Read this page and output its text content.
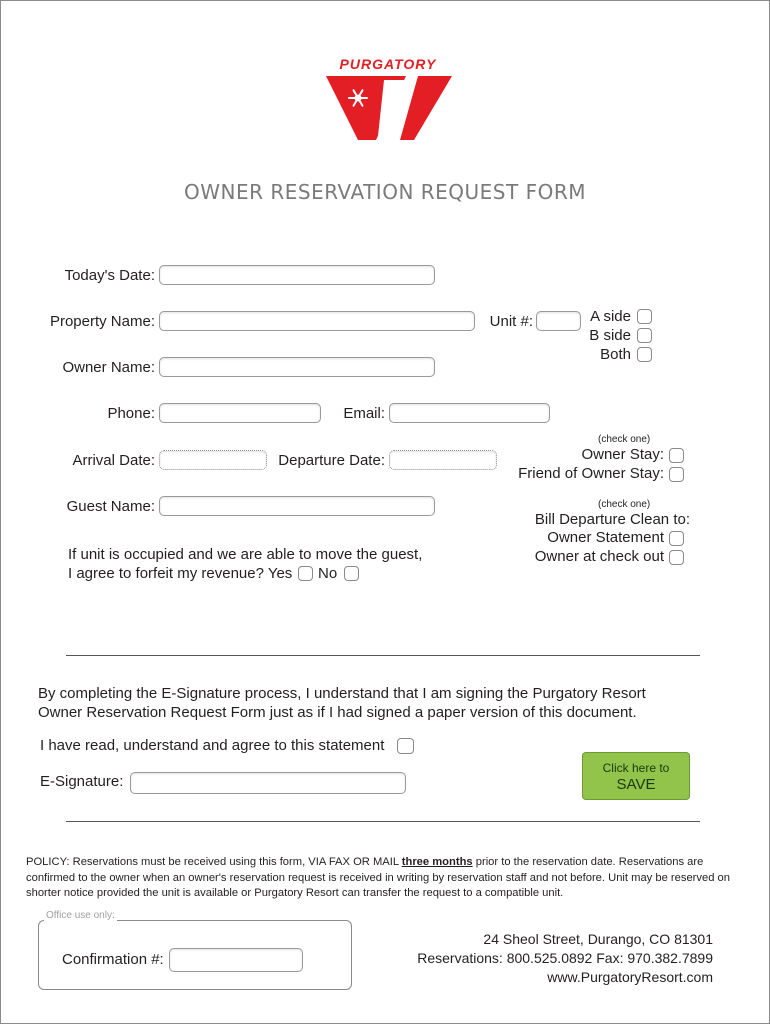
PURGATORY
OWNER RESERVATION REQUEST FORM
Today's Date:
Property Name:	Unit #:	A side
B side
Both
Owner Name:
Phone:	Email:
(check one)
Owner Stay:
Friend of Owner Stay:
Arrival Date:	Departure Date:
Guest Name:	(check one)
Bill Departure Clean to:
Owner Statement
Owner at check out
If unit is occupied and we are able to move the guest,
I agree to forfeit my revenue? Yes No
By completing the E-Signature process, I understand that I am signing the Purgatory Resort
Owner Reservation Request Form just as if I had signed a paper version of this document.
I have read, understand and agree to this statement
E-Signature:
Click here to
SAVE
POLICY: Reservations must be received using this form, VIA FAX OR MAIL three months prior to the reservation date. Reservations are confirmed to the owner when an owner's reservation request is received in writing by reservation staff and not before. Unit may be reserved on shorter notice provided the unit is available or Purgatory Resort can transfer the request to a compatible unit.
Office use only:
Confirmation #:
24 Sheol Street, Durango, CO 81301
Reservations: 800.525.0892 Fax: 970.382.7899
www.PurgatoryResort.com
